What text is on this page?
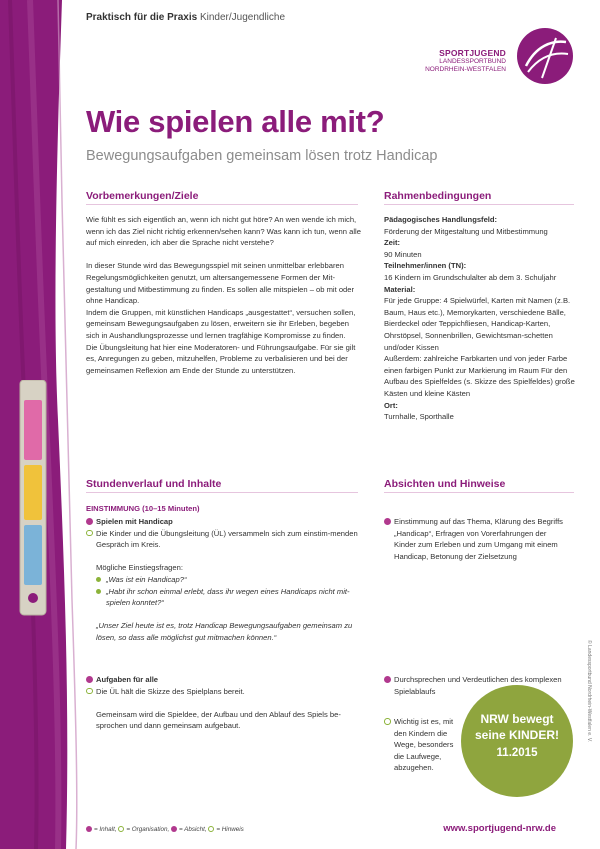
Praktisch für die Praxis Kinder/Jugendliche
SPORTJUGEND
LANDESSPORTBUND
NORDRHEIN-WESTFALEN
Wie spielen alle mit?
Bewegungsaufgaben gemeinsam lösen trotz Handicap
Vorbemerkungen/Ziele

Wie fühlt es sich eigentlich an, wenn ich nicht gut höre? An wen wende ich mich, wenn ich das Ziel nicht richtig erkennen/sehen kann? Was kann ich tun, wenn alle auf mich einreden, ich aber die Sprache nicht verstehe?

In dieser Stunde wird das Bewegungsspiel mit seinen unmittelbar erlebbaren Regelungsmöglichkeiten genutzt, um altersangemessene Formen der Mit-gestaltung und Mitbestimmung zu finden. Es sollen alle mitspielen – ob mit oder ohne Handicap.

Indem die Gruppen, mit künstlichen Handicaps „ausgestattet“, versuchen sollen, gemeinsam Bewegungsaufgaben zu lösen, erweitern sie ihr Erleben, begeben sich in Aushandlungsprozesse und lernen tragfähige Kompromisse zu finden.

Die Übungsleitung hat hier eine Moderatoren- und Führungsaufgabe. Für sie gilt es, Anregungen zu geben, mitzuhelfen, Probleme zu verbalisieren und bei der gemeinsamen Reflexion am Ende der Stunde zu unterstützen.

Rahmenbedingungen
Pädagogisches Handlungsfeld:
Förderung der Mitgestaltung und Mitbestimmung
Zeit:
90 Minuten
Teilnehmer/innen (TN):
16 Kindern im Grundschulalter ab dem 3. Schuljahr
Material:
Für jede Gruppe: 4 Spielwürfel, Karten mit Namen (z.B. Baum, Haus etc.), Memorykarten, verschiedene Bälle, Bierdeckel oder Teppichfliesen, Handicap-Karten, Ohrstöpsel, Sonnenbrillen, Gewichtsman-schetten und/oder Kissen
Außerdem: zahlreiche Farbkarten und von jeder Farbe einen farbigen Punkt zur Markierung im Raum Für den Aufbau des Spielfeldes (s. Skizze des Spielfeldes) große Kästen und kleine Kästen
Ort:
Turnhalle, Sporthalle
Stundenverlauf und Inhalte
EINSTIMMUNG (10–15 Minuten)
Spielen mit Handicap
Die Kinder und die Übungsleitung (ÜL) versammeln sich zum einstim-menden Gespräch im Kreis.
Mögliche Einstiegsfragen:
„Was ist ein Handicap?“
„Habt ihr schon einmal erlebt, dass ihr wegen eines Handicaps nicht mit-spielen konntet?“
„Unser Ziel heute ist es, trotz Handicap Bewegungsaufgaben gemeinsam zu lösen, so dass alle möglichst gut mitmachen können.“
Aufgaben für alle
Die ÜL hält die Skizze des Spielplans bereit.
Gemeinsam wird die Spieldee, der Aufbau und den Ablauf des Spiels be-sprochen und dann gemeinsam aufgebaut.
Absichten und Hinweise
Einstimmung auf das Thema, Klärung des Begriffs „Handicap“, Erfragen von Vorerfahrungen der Kinder zum Erleben und zum Umgang mit einem Handicap, Betonung der Zielsetzung
Durchsprechen und Verdeutlichen des komplexen Spielablaufs
Wichtig ist es, mit den Kindern die Wege, besonders die Laufwege, abzugehen.
NRW bewegt
seine KINDER!
11.2015
= Inhalt, = Organisation, = Absicht, = Hinweis	www.sportjugend-nrw.de
© Landessportbund Nordrhein-Westfalen e. V.
